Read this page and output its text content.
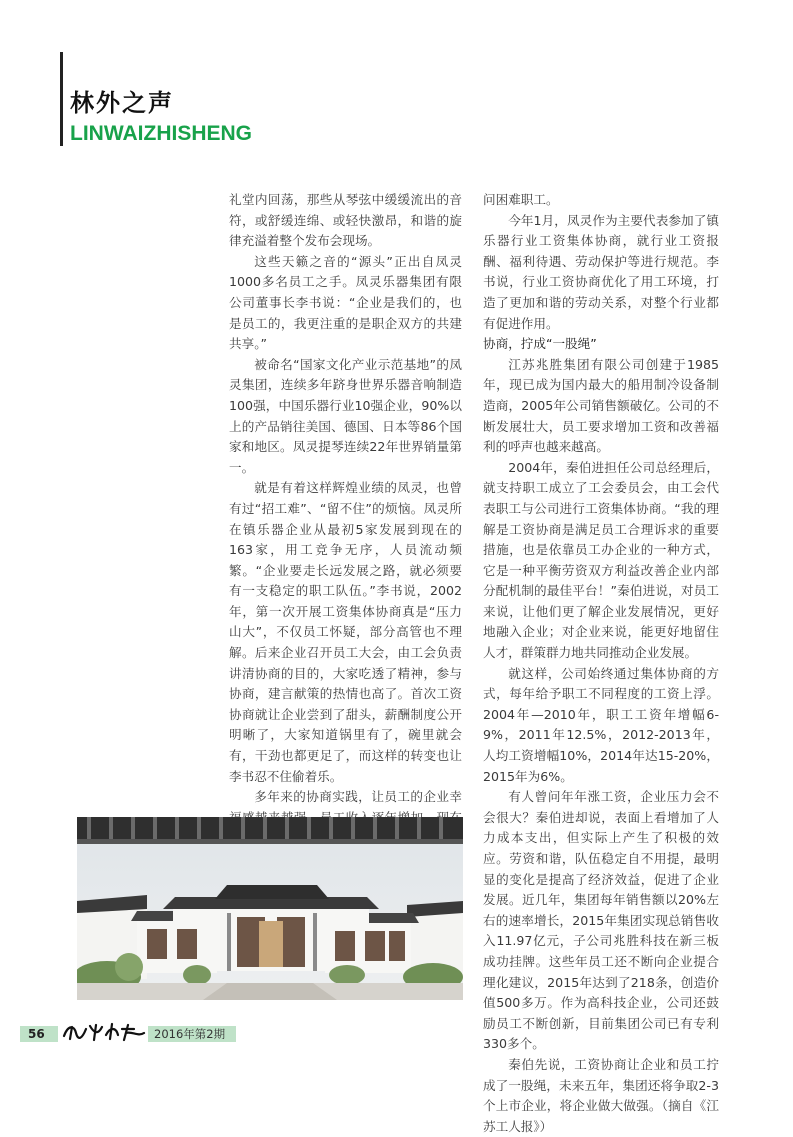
林外之声
LINWAIZHISHENG

礼堂内回荡，那些从琴弦中缓缓流出的音符，或舒缓连绵、或轻快激昂，和谐的旋律充溢着整个发布会现场。

这些天籁之音的“源头”正出自凤灵1000多名员工之手。凤灵乐器集团有限公司董事长李书说：“企业是我们的，也是员工的，我更注重的是职企双方的共建共享。”

被命名“国家文化产业示范基地”的凤灵集团，连续多年跻身世界乐器音响制造100强，中国乐器行业10强企业，90%以上的产品销往美国、德国、日本等86个国家和地区。凤灵提琴连续22年世界销量第一。

就是有着这样辉煌业绩的凤灵，也曾有过“招工难”、“留不住”的烦恼。凤灵所在镇乐器企业从最初5家发展到现在的163家，用工竞争无序，人员流动频繁。“企业要走长远发展之路，就必须要有一支稳定的职工队伍。”李书说，2002年，第一次开展工资集体协商真是“压力山大”，不仅员工怀疑，部分高管也不理解。后来企业召开员工大会，由工会负责讲清协商的目的，大家吃透了精神，参与协商，建言献策的热情也高了。首次工资协商就让企业尝到了甜头，薪酬制度公开明晰了，大家知道锅里有了，碗里就会有，干劲也都更足了，而这样的转变也让李书忍不住偷着乐。

多年来的协商实践，让员工的企业幸

问困难职工。

今年1月，凤灵作为主要代表参加了镇乐器行业工资集体协商，就行业工资报酬、福利待遇、劳动保护等进行规范。李书说，行业工资协商优化了用工环境，打造了更加和谐的劳动关系，对整个行业都有促进作用。

协商，拧成“一股绳”

江苏兆胜集团有限公司创建于1985年，现已成为国内最大的船用制冷设备制造商，2005年公司销售额破亿。公司的不断发展壮大，员工要求增加工资和改善福利的呼声也越来越高。

2004年，秦伯进担任公司总经理后，就支持职工成立了工会委员会，由工会代表职工与公司进行工资集体协商。“我的理解是工资协商是满足员工合理诉求的重要措施，也是依靠员工办企业的一种方式，它是一种平衡劳资双方利益改善企业内部分配机制的最佳平台！”秦伯进说，对员工来说，让他们更了解企业发展情况，更好地融入企业；对企业来说，能更好地留住人才，群策群力地共同推动企业发展。

就这样，公司始终通过集体协商的方式，每年给予职工不同程度的工资上浮。2004年—2010年，职工工资年增幅6-9%，2011年12.5%，2012-2013年，人均工资增幅10%，2014年达15-20%，2015年为6%。

有人曾问年年涨工资，企业压力会不会很大？秦伯进却说，表面上看增加了人力成本支出，但实际上产生了积极的效应。劳资和谐，队伍稳定自不用提，最明显的变化是提高了经济效益，促进了企业发展。近几年，集团每年销售额以20%左右的速率增长，2015年集团实现总销售收入11.97亿元，子公司兆胜科技在新三板成功挂牌。这些年员工还不断向企业提合理化建议，2015年达到了218条，创造价值500多万。作为高科技企业，公司还鼓励员工不断创新，目前集团公司已有专利330多个。

秦伯先说，工资协商让企业和员工拧成了一股绳，未来五年，集团还将争取2-3个上市企业，将企业做大做强。（摘自《江苏工人报》）

56	2016年第2期
